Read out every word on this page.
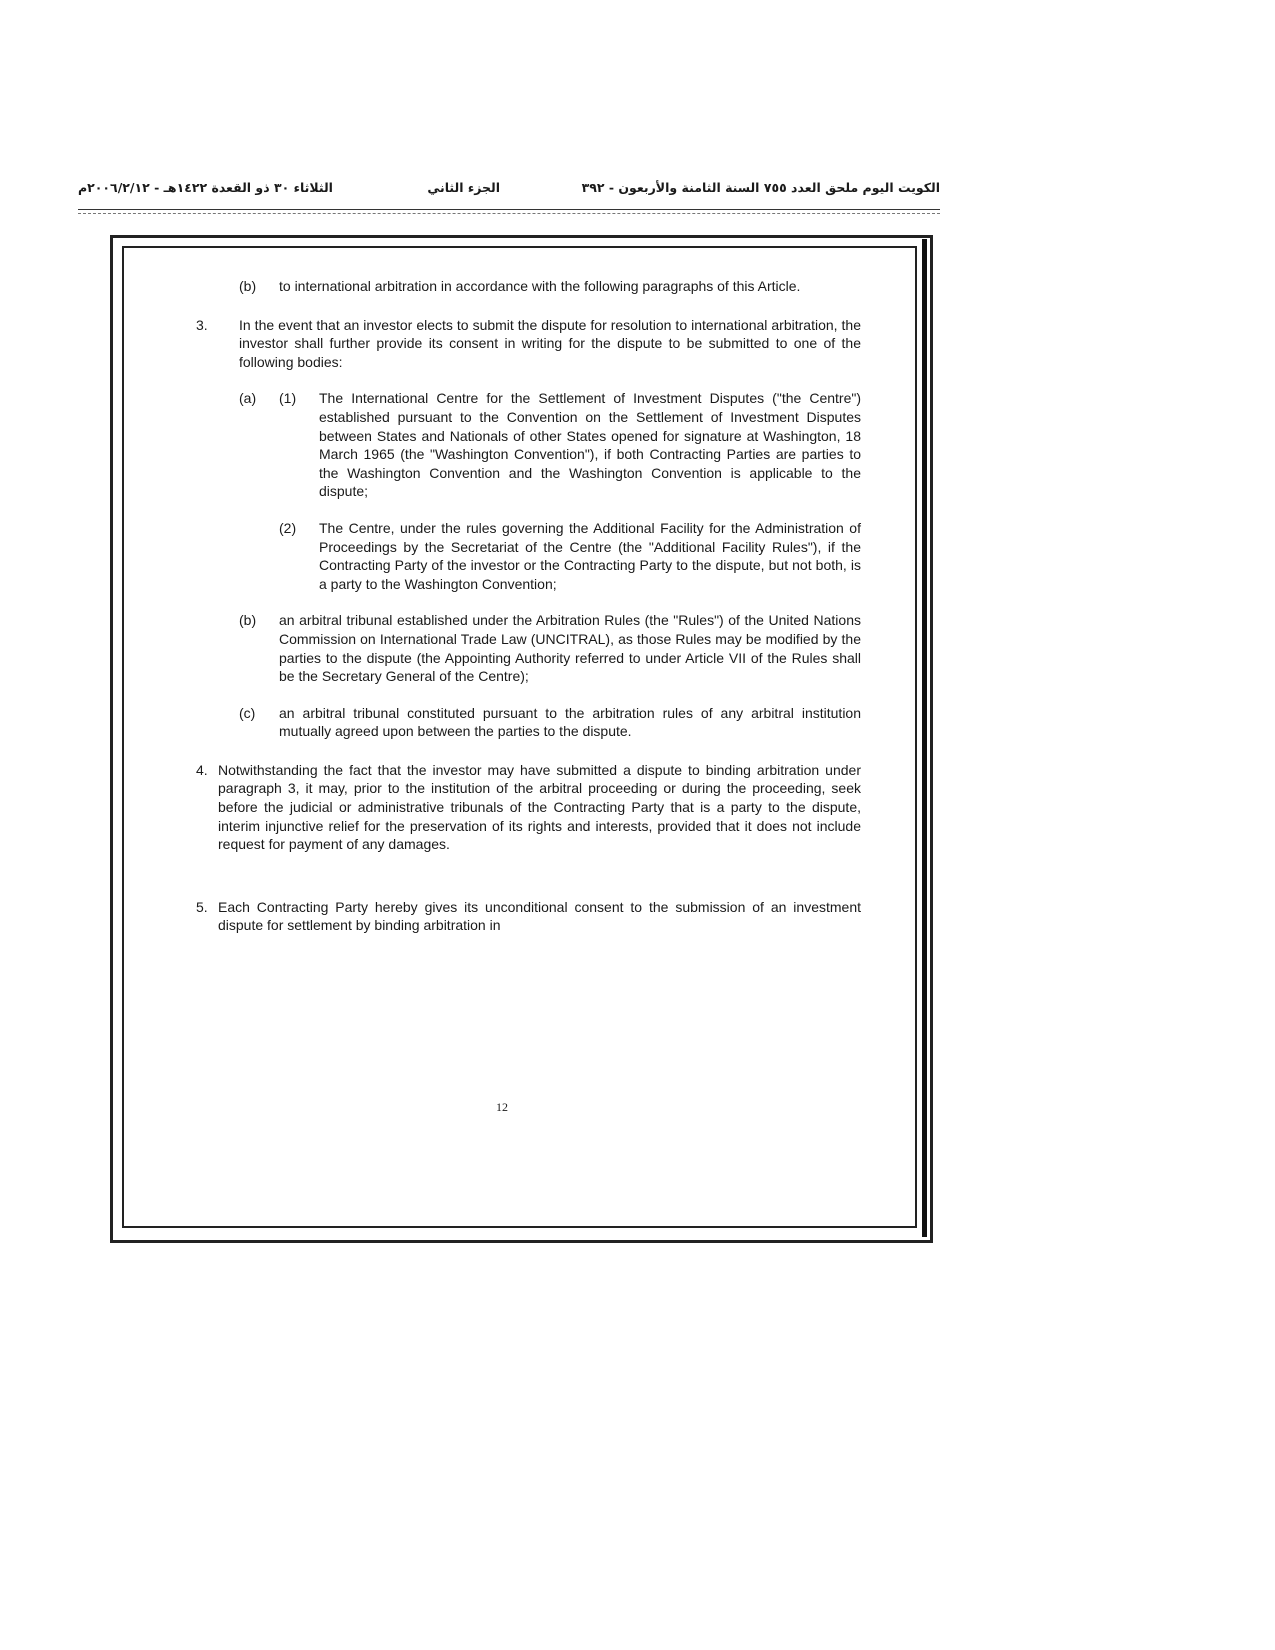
الكويت اليوم ملحق العدد ٧٥٥ السنة الثامنة والأربعون - ٣٩٢
الجزء الثاني
الثلاثاء ٣٠ ذو القعدة ١٤٢٢هـ - ٢٠٠٦/٢/١٢م
(b)	to international arbitration in accordance with the following paragraphs of this Article.
3.	In the event that an investor elects to submit the dispute for resolution to international arbitration, the investor shall further provide its consent in writing for the dispute to be submitted to one of the following bodies:
(a)	(1)	The International Centre for the Settlement of Investment Disputes ("the Centre") established pursuant to the Convention on the Settlement of Investment Disputes between States and Nationals of other States opened for signature at Washington, 18 March 1965 (the "Washington Convention"), if both Contracting Parties are parties to the Washington Convention and the Washington Convention is applicable to the dispute;
(2)	The Centre, under the rules governing the Additional Facility for the Administration of Proceedings by the Secretariat of the Centre (the "Additional Facility Rules"), if the Contracting Party of the investor or the Contracting Party to the dispute, but not both, is a party to the Washington Convention;
(b)	an arbitral tribunal established under the Arbitration Rules (the "Rules") of the United Nations Commission on International Trade Law (UNCITRAL), as those Rules may be modified by the parties to the dispute (the Appointing Authority referred to under Article VII of the Rules shall be the Secretary General of the Centre);
(c)	an arbitral tribunal constituted pursuant to the arbitration rules of any arbitral institution mutually agreed upon between the parties to the dispute.
4. Notwithstanding the fact that the investor may have submitted a dispute to binding arbitration under paragraph 3, it may, prior to the institution of the arbitral proceeding or during the proceeding, seek before the judicial or administrative tribunals of the Contracting Party that is a party to the dispute, interim injunctive relief for the preservation of its rights and interests, provided that it does not include request for payment of any damages.
5. Each Contracting Party hereby gives its unconditional consent to the submission of an investment dispute for settlement by binding arbitration in
12
